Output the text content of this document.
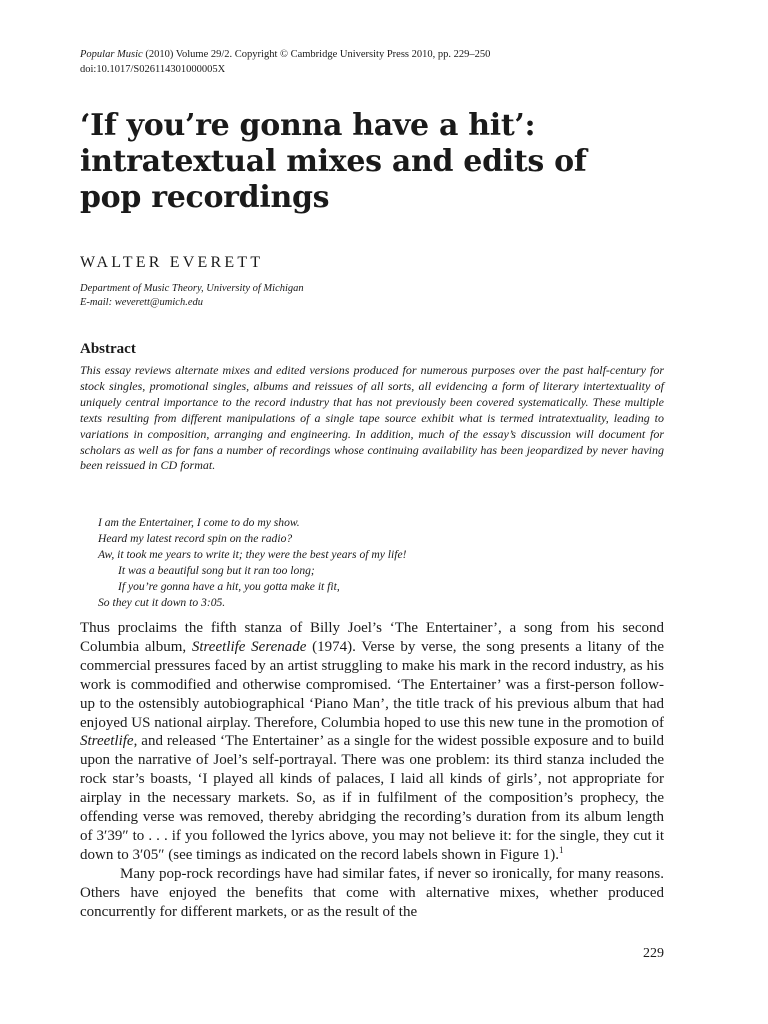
Popular Music (2010) Volume 29/2. Copyright © Cambridge University Press 2010, pp. 229–250
doi:10.1017/S026114301000005X
‘If you’re gonna have a hit’:
intratextual mixes and edits of
pop recordings
WALTER EVERETT
Department of Music Theory, University of Michigan
E-mail: weverett@umich.edu
Abstract

This essay reviews alternate mixes and edited versions produced for numerous purposes over the past half-century for stock singles, promotional singles, albums and reissues of all sorts, all evidencing a form of literary intertextuality of uniquely central importance to the record industry that has not previously been covered systematically. These multiple texts resulting from different manipulations of a single tape source exhibit what is termed intratextuality, leading to variations in composition, arranging and engineering. In addition, much of the essay’s discussion will document for scholars as well as for fans a number of recordings whose continuing availability has been jeopardized by never having been reissued in CD format.

I am the Entertainer, I come to do my show.
Heard my latest record spin on the radio?
Aw, it took me years to write it; they were the best years of my life!
It was a beautiful song but it ran too long;
If you’re gonna have a hit, you gotta make it fit,
So they cut it down to 3:05.

Thus proclaims the fifth stanza of Billy Joel’s ‘The Entertainer’, a song from his second Columbia album, Streetlife Serenade (1974). Verse by verse, the song presents a litany of the commercial pressures faced by an artist struggling to make his mark in the record industry, as his work is commodified and otherwise compromised. ‘The Entertainer’ was a first-person follow-up to the ostensibly autobiographical ‘Piano Man’, the title track of his previous album that had enjoyed US national airplay. Therefore, Columbia hoped to use this new tune in the promotion of Streetlife, and released ‘The Entertainer’ as a single for the widest possible exposure and to build upon the narrative of Joel’s self-portrayal. There was one problem: its third stanza included the rock star’s boasts, ‘I played all kinds of palaces, I laid all kinds of girls’, not appropriate for airplay in the necessary markets. So, as if in fulfilment of the composition’s prophecy, the offending verse was removed, thereby abridging the recording’s duration from its album length of 3′39″ to . . . if you followed the lyrics above, you may not believe it: for the single, they cut it down to 3′05″ (see timings as indicated on the record labels shown in Figure 1).$^1$

Many pop-rock recordings have had similar fates, if never so ironically, for many reasons. Others have enjoyed the benefits that come with alternative mixes, whether produced concurrently for different markets, or as the result of the

229
